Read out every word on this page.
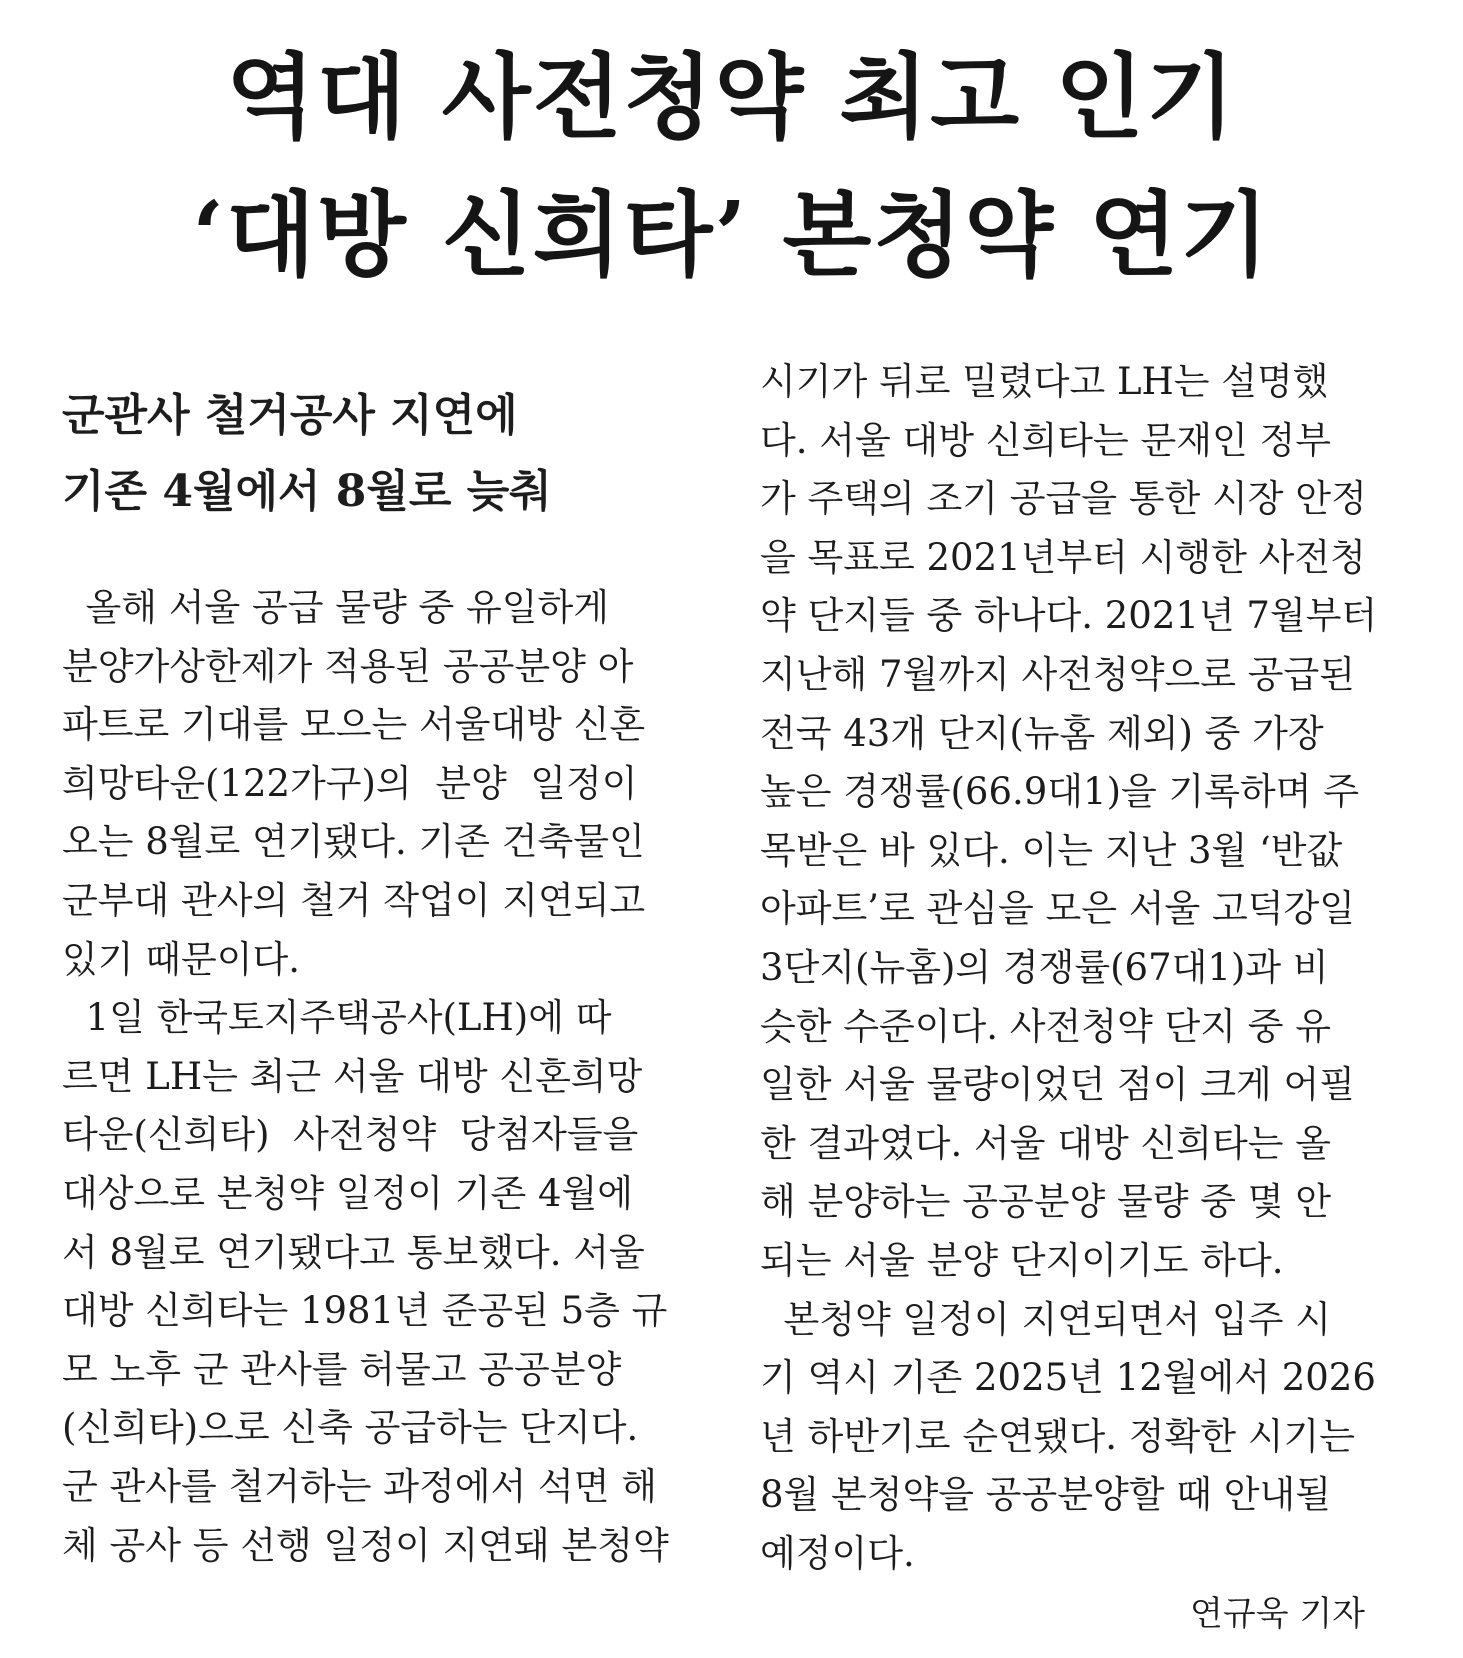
역대 사전청약 최고 인기
‘대방 신희타’ 본청약 연기
군관사 철거공사 지연에
기존 4월에서 8월로 늦춰
올해 서울 공급 물량 중 유일하게
분양가상한제가 적용된 공공분양 아
파트로 기대를 모으는 서울대방 신혼
희망타운(122가구)의  분양  일정이
오는 8월로 연기됐다. 기존 건축물인
군부대 관사의 철거 작업이 지연되고
있기 때문이다.
1일 한국토지주택공사(LH)에 따
르면 LH는 최근 서울 대방 신혼희망
타운(신희타)  사전청약  당첨자들을
대상으로 본청약 일정이 기존 4월에
서 8월로 연기됐다고 통보했다. 서울
대방 신희타는 1981년 준공된 5층 규
모 노후 군 관사를 허물고 공공분양
(신희타)으로 신축 공급하는 단지다.
군 관사를 철거하는 과정에서 석면 해
체 공사 등 선행 일정이 지연돼 본청약
시기가 뒤로 밀렸다고 LH는 설명했
다. 서울 대방 신희타는 문재인 정부
가 주택의 조기 공급을 통한 시장 안정
을 목표로 2021년부터 시행한 사전청
약 단지들 중 하나다. 2021년 7월부터
지난해 7월까지 사전청약으로 공급된
전국 43개 단지(뉴홈 제외) 중 가장
높은 경쟁률(66.9대1)을 기록하며 주
목받은 바 있다. 이는 지난 3월 ‘반값
아파트’로 관심을 모은 서울 고덕강일
3단지(뉴홈)의 경쟁률(67대1)과 비
슷한 수준이다. 사전청약 단지 중 유
일한 서울 물량이었던 점이 크게 어필
한 결과였다. 서울 대방 신희타는 올
해 분양하는 공공분양 물량 중 몇 안
되는 서울 분양 단지이기도 하다.
본청약 일정이 지연되면서 입주 시
기 역시 기존 2025년 12월에서 2026
년 하반기로 순연됐다. 정확한 시기는
8월 본청약을 공공분양할 때 안내될
예정이다.
연규욱 기자
